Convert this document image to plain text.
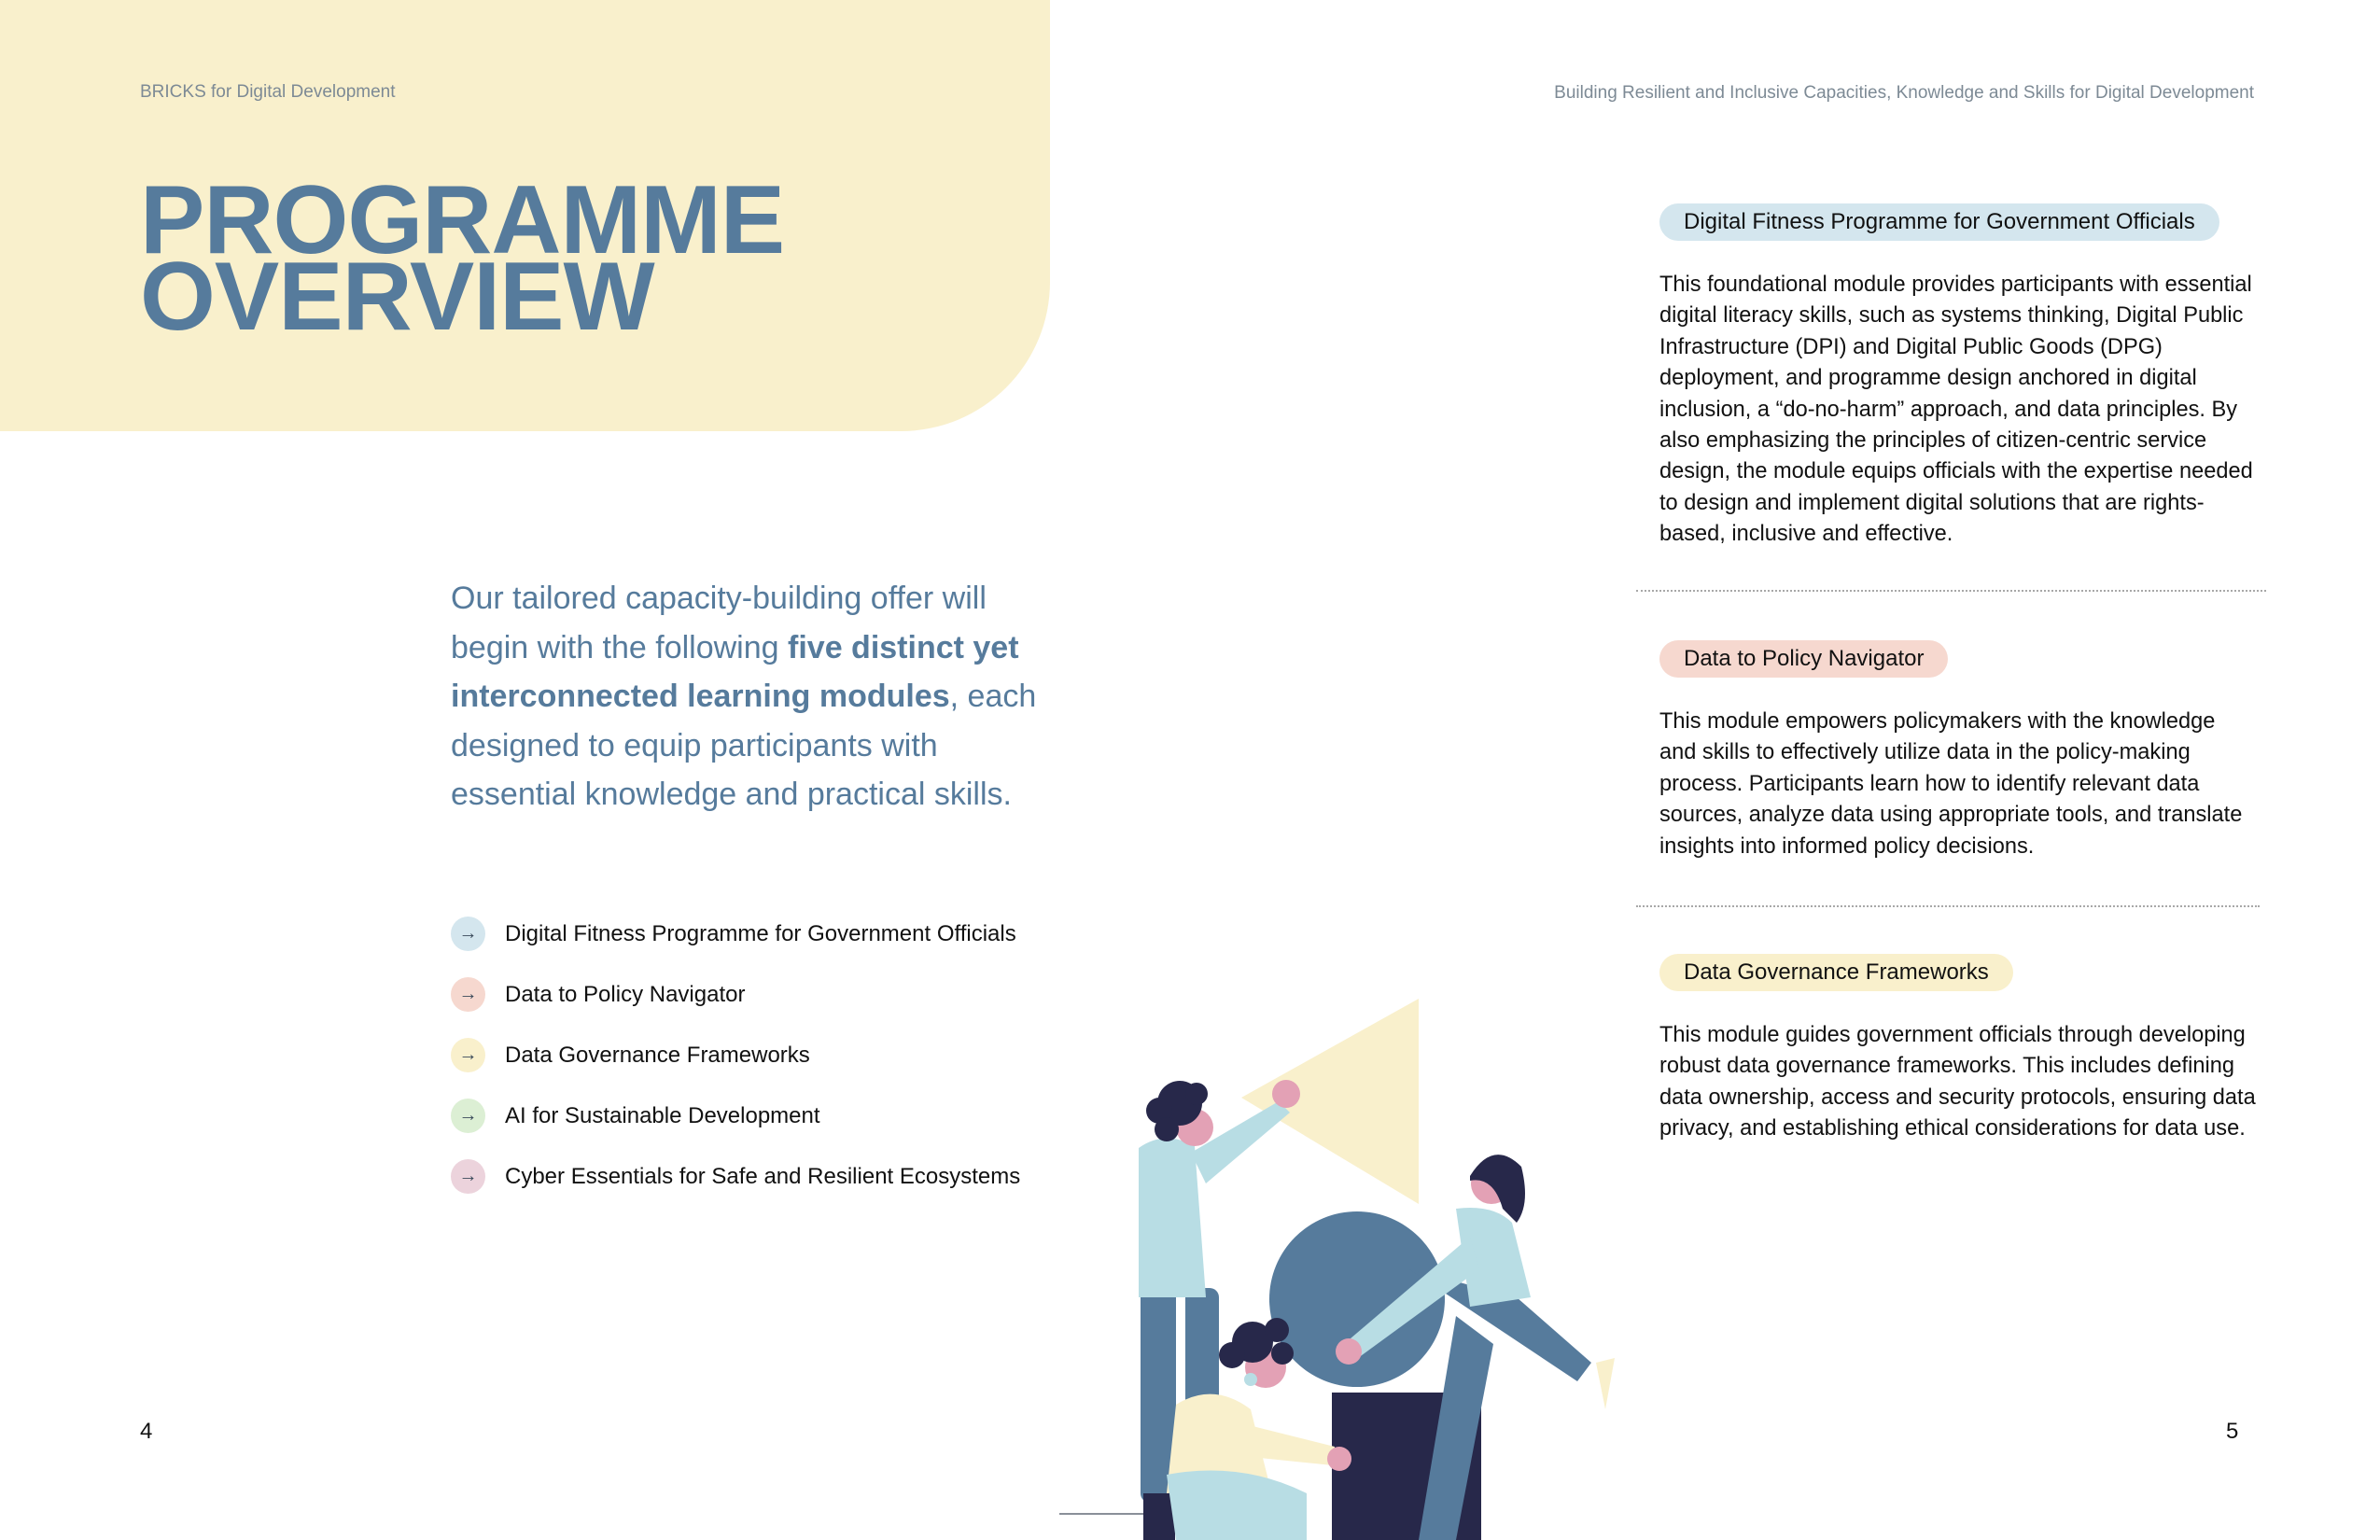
BRICKS for Digital Development	Building Resilient and Inclusive Capacities, Knowledge and Skills for Digital Development
PROGRAMME
OVERVIEW
Our tailored capacity-building offer will begin with the following five distinct yet interconnected learning modules, each designed to equip participants with essential knowledge and practical skills.
→	Digital Fitness Programme for Government Officials
→	Data to Policy Navigator
→	Data Governance Frameworks
→	AI for Sustainable Development
→	Cyber Essentials for Safe and Resilient Ecosystems
4	5
Digital Fitness Programme for Government Officials
This foundational module provides participants with essential digital literacy skills, such as systems thinking, Digital Public Infrastructure (DPI) and Digital Public Goods (DPG) deployment, and programme design anchored in digital inclusion, a “do-no-harm” approach, and data principles. By also emphasizing the principles of citizen-centric service design, the module equips officials with the expertise needed to design and implement digital solutions that are rights-based, inclusive and effective.
Data to Policy Navigator
This module empowers policymakers with the knowledge and skills to effectively utilize data in the policy-making process. Participants learn how to identify relevant data sources, analyze data using appropriate tools, and translate insights into informed policy decisions.
Data Governance Frameworks
This module guides government officials through developing robust data governance frameworks. This includes defining data ownership, access and security protocols, ensuring data privacy, and establishing ethical considerations for data use.
